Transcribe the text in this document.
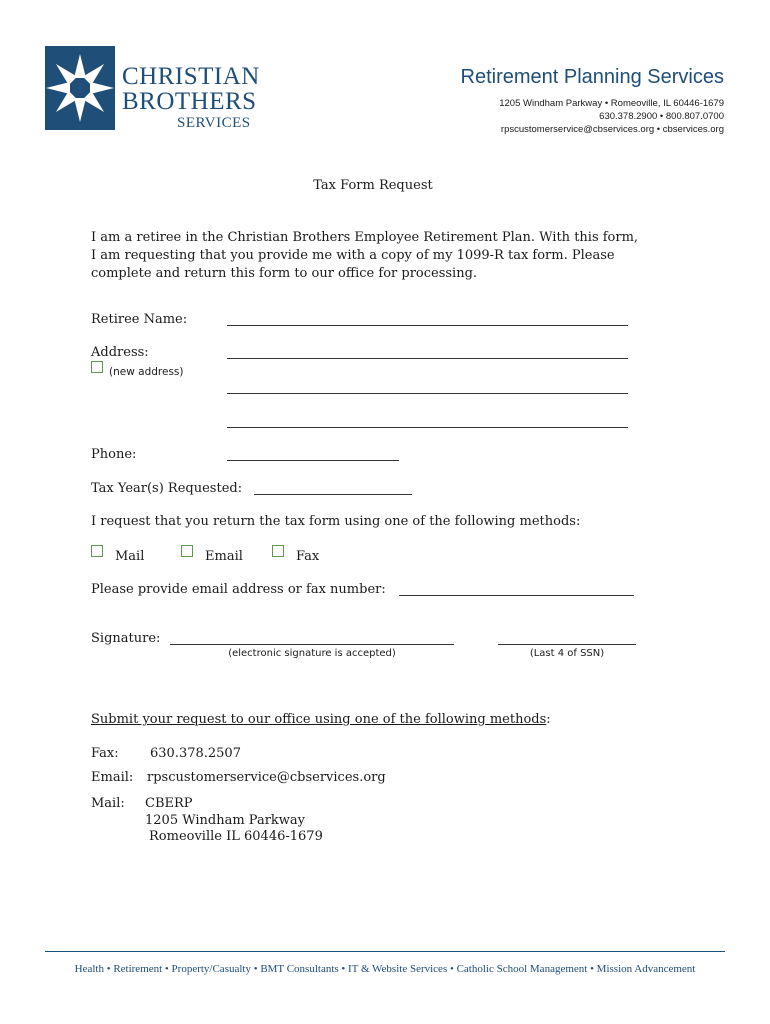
CHRISTIAN
BROTHERS
SERVICES
Retirement Planning Services
1205 Windham Parkway • Romeoville, IL 60446-1679
630.378.2900 • 800.807.0700
rpscustomerservice@cbservices.org • cbservices.org
Tax Form Request
I am a retiree in the Christian Brothers Employee Retirement Plan. With this form,
I am requesting that you provide me with a copy of my 1099-R tax form. Please
complete and return this form to our office for processing.
Retiree Name:
Address:
(new address)
Phone:
Tax Year(s) Requested:
I request that you return the tax form using one of the following methods:
Mail	Email	Fax
Please provide email address or fax number:
Signature:
(electronic signature is accepted)	(Last 4 of SSN)
Submit your request to our office using one of the following methods:
Fax: 630.378.2507
Email: rpscustomerservice@cbservices.org
Mail: CBERP
1205 Windham Parkway
Romeoville IL 60446-1679
Health • Retirement • Property/Casualty • BMT Consultants • IT & Website Services • Catholic School Management • Mission Advancement
